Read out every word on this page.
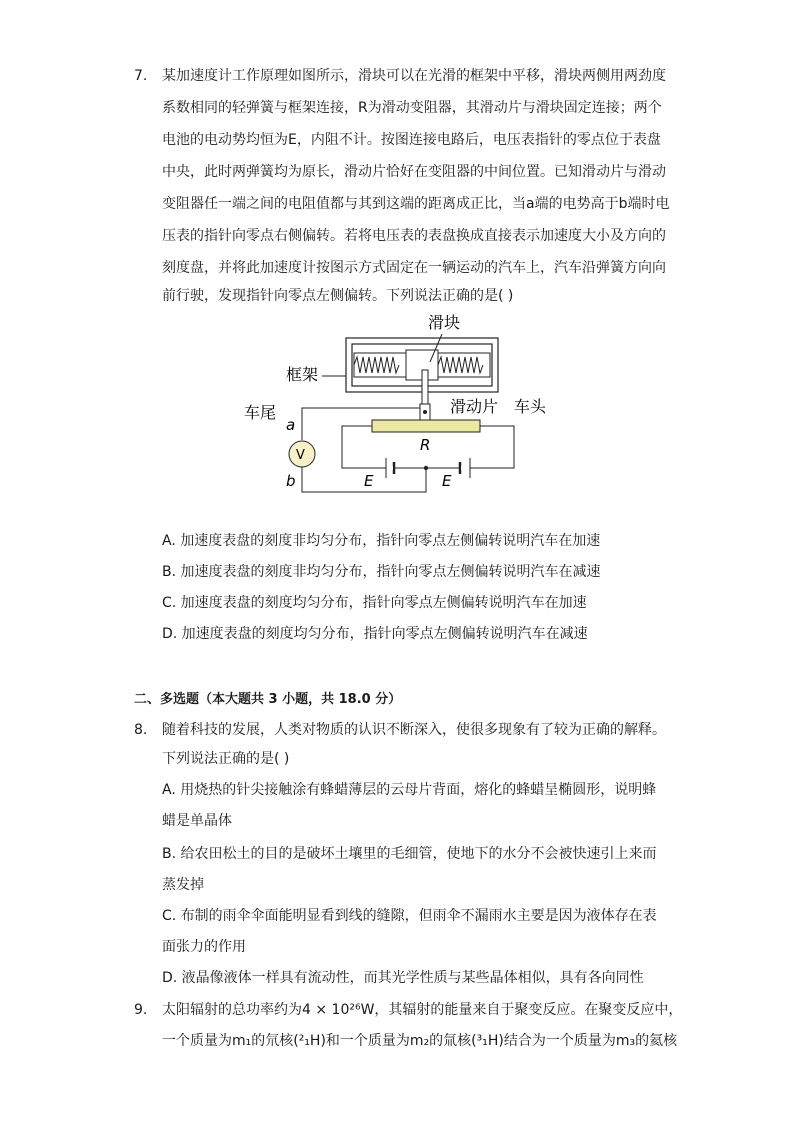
7. 某加速度计工作原理如图所示，滑块可以在光滑的框架中平移，滑块两侧用两劲度
系数相同的轻弹簧与框架连接，R为滑动变阻器，其滑动片与滑块固定连接；两个
电池的电动势均恒为E，内阻不计。按图连接电路后，电压表指针的零点位于表盘
中央，此时两弹簧均为原长，滑动片恰好在变阻器的中间位置。已知滑动片与滑动
变阻器任一端之间的电阻值都与其到这端的距离成正比，当a端的电势高于b端时电
压表的指针向零点右侧偏转。若将电压表的表盘换成直接表示加速度大小及方向的
刻度盘，并将此加速度计按图示方式固定在一辆运动的汽车上，汽车沿弹簧方向向
前行驶，发现指针向零点左侧偏转。下列说法正确的是( )
滑块
滑动片 车头
框架
车尾
a
V
b
R
E	E
A. 加速度表盘的刻度非均匀分布，指针向零点左侧偏转说明汽车在加速
B. 加速度表盘的刻度非均匀分布，指针向零点左侧偏转说明汽车在减速
C. 加速度表盘的刻度均匀分布，指针向零点左侧偏转说明汽车在加速
D. 加速度表盘的刻度均匀分布，指针向零点左侧偏转说明汽车在减速
二、多选题（本大题共 3 小题，共 18.0 分）
8. 随着科技的发展，人类对物质的认识不断深入，使很多现象有了较为正确的解释。
下列说法正确的是( )
A. 用烧热的针尖接触涂有蜂蜡薄层的云母片背面，熔化的蜂蜡呈椭圆形，说明蜂
蜡是单晶体
B. 给农田松土的目的是破坏土壤里的毛细管，使地下的水分不会被快速引上来而
蒸发掉
C. 布制的雨伞伞面能明显看到线的缝隙，但雨伞不漏雨水主要是因为液体存在表
面张力的作用
D. 液晶像液体一样具有流动性，而其光学性质与某些晶体相似，具有各向同性
9. 太阳辐射的总功率约为4 × 10²⁶W，其辐射的能量来自于聚变反应。在聚变反应中，
一个质量为m₁的氘核(²₁H)和一个质量为m₂的氚核(³₁H)结合为一个质量为m₃的氦核
